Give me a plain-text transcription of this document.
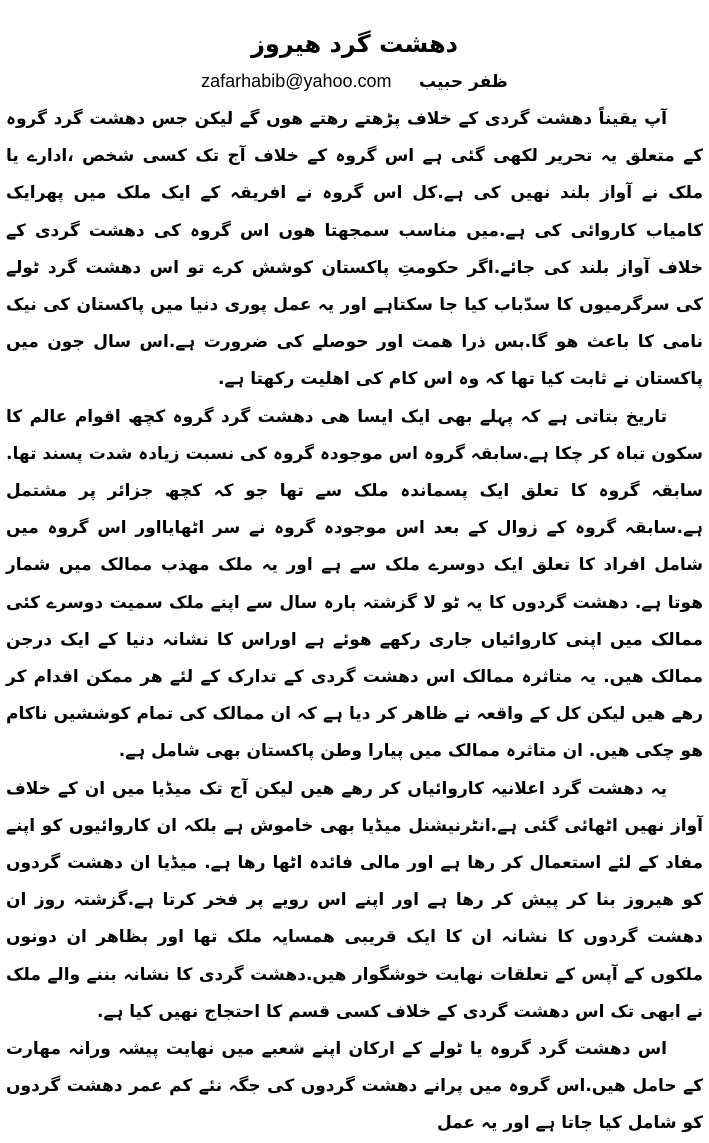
دهشت گرد هیروز
ظفر حبیب zafarhabib@yahoo.com

آپ یقیناً دهشت گردی کے خلاف پڑھتے رهتے هوں گے لیکن جس دهشت گرد گروہ کے متعلق یہ تحریر لکھی گئی ہے اس گروہ کے خلاف آج تک کسی شخص ،ادارے یا ملک نے آواز بلند نهیں کی ہے.کل اس گروہ نے افریقہ کے ایک ملک میں پھرایک کامیاب کاروائی کی ہے.میں مناسب سمجھتا هوں اس گروہ کی دهشت گردی کے خلاف آواز بلند کی جائے.اگر حکومتِ پاکستان کوشش کرے تو اس دهشت گرد ٹولے کی سرگرمیوں کا سدّباب کیا جا سکتاہے اور یہ عمل پوری دنیا میں پاکستان کی نیک نامی کا باعث هو گا.بس ذرا همت اور حوصلے کی ضرورت ہے.اس سال جون میں پاکستان نے ثابت کیا تھا کہ وہ اس کام کی اهلیت رکھتا ہے.

تاریخ بتاتی ہے کہ پہلے بھی ایک ایسا هی دهشت گرد گروہ کچھ اقوام عالم کا سکون تباہ کر چکا ہے.سابقہ گروہ اس موجودہ گروہ کی نسبت زیادہ شدت پسند تھا. سابقہ گروہ کا تعلق ایک پسماندہ ملک سے تھا جو کہ کچھ جزائر پر مشتمل ہے.سابقہ گروہ کے زوال کے بعد اس موجودہ گروہ نے سر اٹھایااور اس گروہ میں شامل افراد کا تعلق ایک دوسرے ملک سے ہے اور یہ ملک مهذب ممالک میں شمار هوتا ہے. دهشت گردوں کا یہ ٹو لا گزشتہ بارہ سال سے اپنے ملک سمیت دوسرے کئی ممالک میں اپنی کاروائیاں جاری رکھے هوئے ہے اوراس کا نشانہ دنیا کے ایک درجن ممالک هیں. یہ متاثرہ ممالک اس دهشت گردی کے تدارک کے لئے هر ممکن اقدام کر رهے هیں لیکن کل کے واقعہ نے ظاهر کر دیا ہے کہ ان ممالک کی تمام کوششیں ناکام هو چکی هیں. ان متاثرہ ممالک میں پیارا وطن پاکستان بھی شامل ہے.

یہ دهشت گرد اعلانیہ کاروائیاں کر رهے هیں لیکن آج تک میڈیا میں ان کے خلاف آواز نهیں اٹھائی گئی ہے.انٹرنیشنل میڈیا بھی خاموش ہے بلکہ ان کاروائیوں کو اپنے مفاد کے لئے استعمال کر رها ہے اور مالی فائدہ اٹھا رها ہے. میڈیا ان دهشت گردوں کو هیروز بنا کر پیش کر رها ہے اور اپنے اس رویے پر فخر کرتا ہے.گزشتہ روز ان دهشت گردوں کا نشانہ ان کا ایک قریبی همسایہ ملک تھا اور بظاهر ان دونوں ملکوں کے آپس کے تعلقات نهایت خوشگوار هیں.دهشت گردی کا نشانہ بننے والے ملک نے ابھی تک اس دهشت گردی کے خلاف کسی قسم کا احتجاج نهیں کیا ہے.

اس دهشت گرد گروہ یا ٹولے کے ارکان اپنے شعبے میں نهایت پیشہ ورانہ مهارت کے حامل هیں.اس گروہ میں پرانے دهشت گردوں کی جگہ نئے کم عمر دهشت گردوں کو شامل کیا جاتا ہے اور یہ عمل
